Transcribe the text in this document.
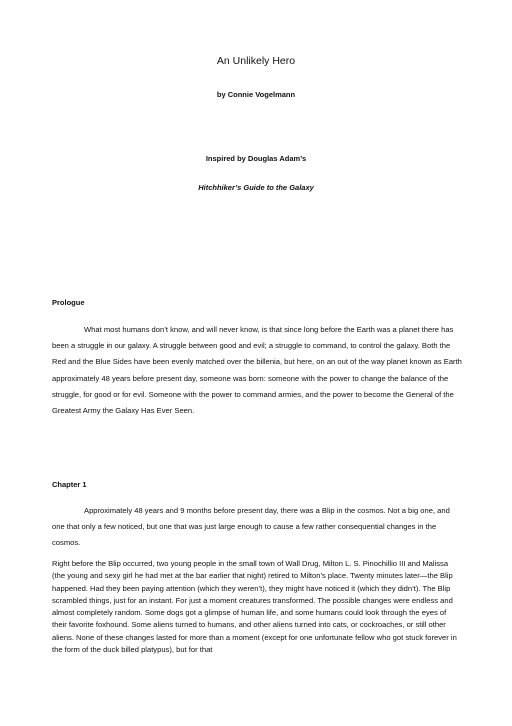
An Unlikely Hero
by Connie Vogelmann
Inspired by Douglas Adam’s
Hitchhiker’s Guide to the Galaxy
Prologue

What most humans don’t know, and will never know, is that since long before the Earth was a planet there has been a struggle in our galaxy. A struggle between good and evil; a struggle to command, to control the galaxy. Both the Red and the Blue Sides have been evenly matched over the billenia, but here, on an out of the way planet known as Earth approximately 48 years before present day, someone was born: someone with the power to change the balance of the struggle, for good or for evil. Someone with the power to command armies, and the power to become the General of the Greatest Army the Galaxy Has Ever Seen.

Chapter 1

Approximately 48 years and 9 months before present day, there was a Blip in the cosmos. Not a big one, and one that only a few noticed, but one that was just large enough to cause a few rather consequential changes in the cosmos.

Right before the Blip occurred, two young people in the small town of Wall Drug, Milton L. S. Pinochillio III and Malissa (the young and sexy girl he had met at the bar earlier that night) retired to Milton’s place. Twenty minutes later—the Blip happened. Had they been paying attention (which they weren’t), they might have noticed it (which they didn’t). The Blip scrambled things, just for an instant. For just a moment creatures transformed. The possible changes were endless and almost completely random. Some dogs got a glimpse of human life, and some humans could look through the eyes of their favorite foxhound. Some aliens turned to humans, and other aliens turned into cats, or cockroaches, or still other aliens. None of these changes lasted for more than a moment (except for one unfortunate fellow who got stuck forever in the form of the duck billed platypus), but for that
